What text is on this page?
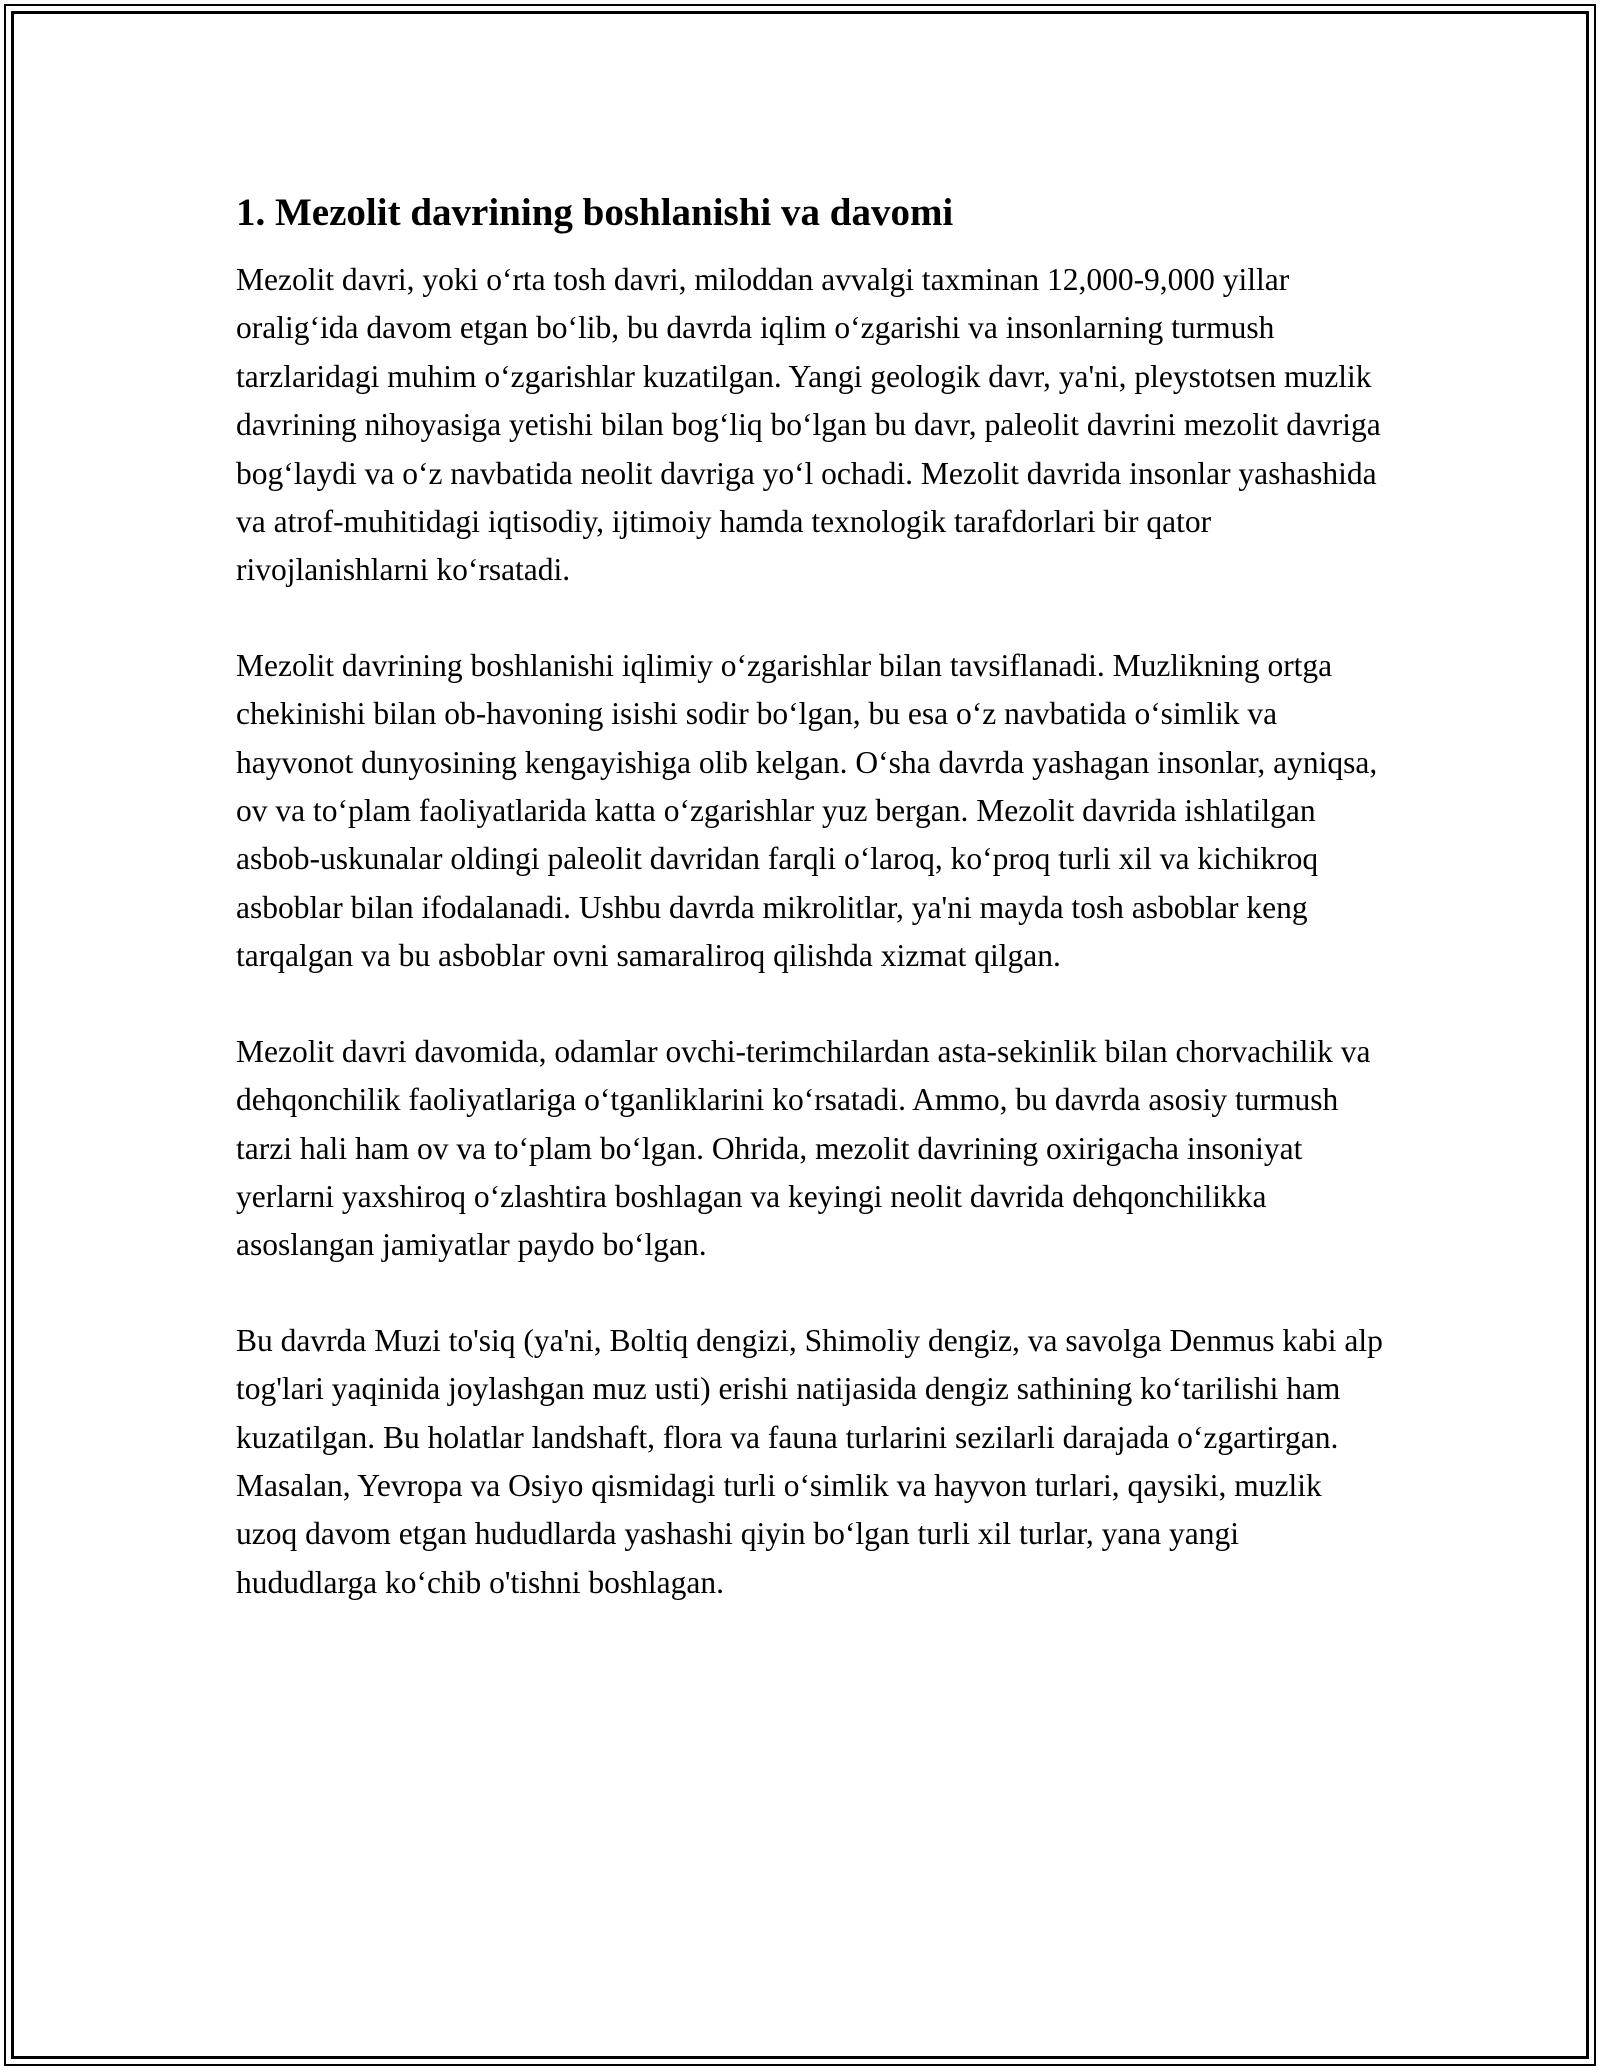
1. Mezolit davrining boshlanishi va davomi

Mezolit davri, yoki o‘rta tosh davri, miloddan avvalgi taxminan 12,000-9,000 yillar oralig‘ida davom etgan bo‘lib, bu davrda iqlim o‘zgarishi va insonlarning turmush tarzlaridagi muhim o‘zgarishlar kuzatilgan. Yangi geologik davr, ya'ni, pleystotsen muzlik davrining nihoyasiga yetishi bilan bog‘liq bo‘lgan bu davr, paleolit davrini mezolit davriga bog‘laydi va o‘z navbatida neolit davriga yo‘l ochadi. Mezolit davrida insonlar yashashida va atrof-muhitidagi iqtisodiy, ijtimoiy hamda texnologik tarafdorlari bir qator rivojlanishlarni ko‘rsatadi.

Mezolit davrining boshlanishi iqlimiy o‘zgarishlar bilan tavsiflanadi. Muzlikning ortga chekinishi bilan ob-havoning isishi sodir bo‘lgan, bu esa o‘z navbatida o‘simlik va hayvonot dunyosining kengayishiga olib kelgan. O‘sha davrda yashagan insonlar, ayniqsa, ov va to‘plam faoliyatlarida katta o‘zgarishlar yuz bergan. Mezolit davrida ishlatilgan asbob-uskunalar oldingi paleolit davridan farqli o‘laroq, ko‘proq turli xil va kichikroq asboblar bilan ifodalanadi. Ushbu davrda mikrolitlar, ya'ni mayda tosh asboblar keng tarqalgan va bu asboblar ovni samaraliroq qilishda xizmat qilgan.

Mezolit davri davomida, odamlar ovchi-terimchilardan asta-sekinlik bilan chorvachilik va dehqonchilik faoliyatlariga o‘tganliklarini ko‘rsatadi. Ammo, bu davrda asosiy turmush tarzi hali ham ov va to‘plam bo‘lgan. Ohrida, mezolit davrining oxirigacha insoniyat yerlarni yaxshiroq o‘zlashtira boshlagan va keyingi neolit davrida dehqonchilikka asoslangan jamiyatlar paydo bo‘lgan.

Bu davrda Muzi to'siq (ya'ni, Boltiq dengizi, Shimoliy dengiz, va savolga Denmus kabi alp tog'lari yaqinida joylashgan muz usti) erishi natijasida dengiz sathining ko‘tarilishi ham kuzatilgan. Bu holatlar landshaft, flora va fauna turlarini sezilarli darajada o‘zgartirgan. Masalan, Yevropa va Osiyo qismidagi turli o‘simlik va hayvon turlari, qaysiki, muzlik uzoq davom etgan hududlarda yashashi qiyin bo‘lgan turli xil turlar, yana yangi hududlarga ko‘chib o'tishni boshlagan.
